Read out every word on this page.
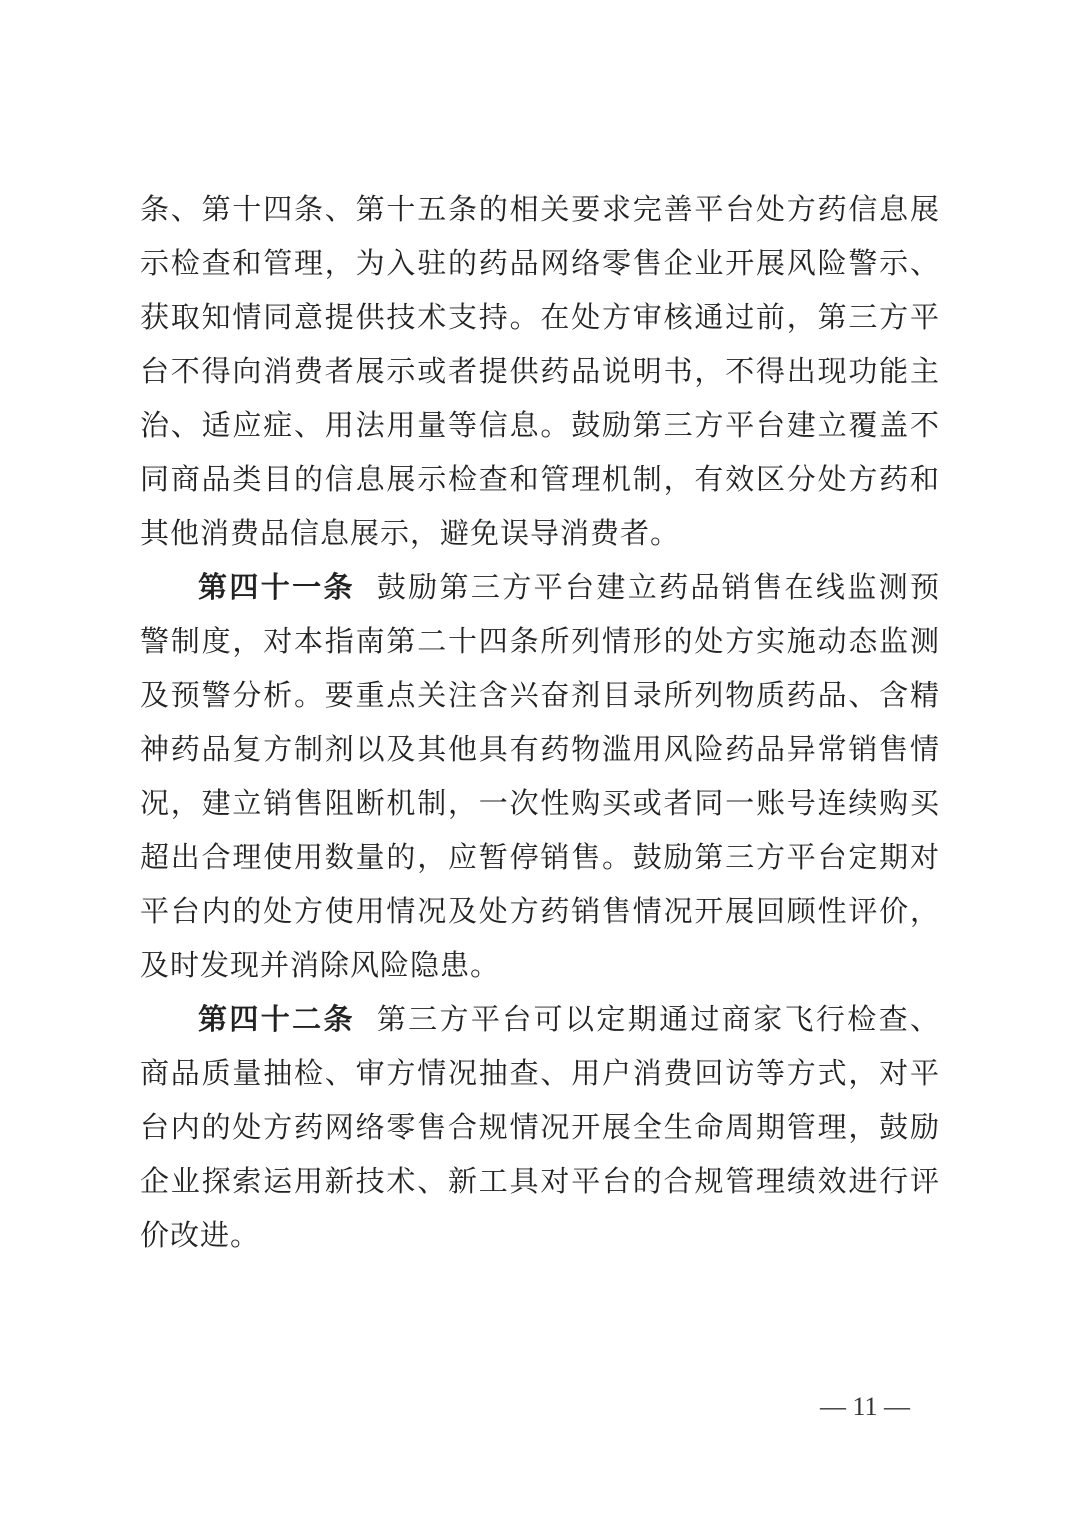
条、第十四条、第十五条的相关要求完善平台处方药信息展示检查和管理，为入驻的药品网络零售企业开展风险警示、获取知情同意提供技术支持。在处方审核通过前，第三方平台不得向消费者展示或者提供药品说明书，不得出现功能主治、适应症、用法用量等信息。鼓励第三方平台建立覆盖不同商品类目的信息展示检查和管理机制，有效区分处方药和其他消费品信息展示，避免误导消费者。

第四十一条 鼓励第三方平台建立药品销售在线监测预警制度，对本指南第二十四条所列情形的处方实施动态监测及预警分析。要重点关注含兴奋剂目录所列物质药品、含精神药品复方制剂以及其他具有药物滥用风险药品异常销售情况，建立销售阻断机制，一次性购买或者同一账号连续购买超出合理使用数量的，应暂停销售。鼓励第三方平台定期对平台内的处方使用情况及处方药销售情况开展回顾性评价，及时发现并消除风险隐患。

第四十二条 第三方平台可以定期通过商家飞行检查、商品质量抽检、审方情况抽查、用户消费回访等方式，对平台内的处方药网络零售合规情况开展全生命周期管理，鼓励企业探索运用新技术、新工具对平台的合规管理绩效进行评价改进。

— 11 —
